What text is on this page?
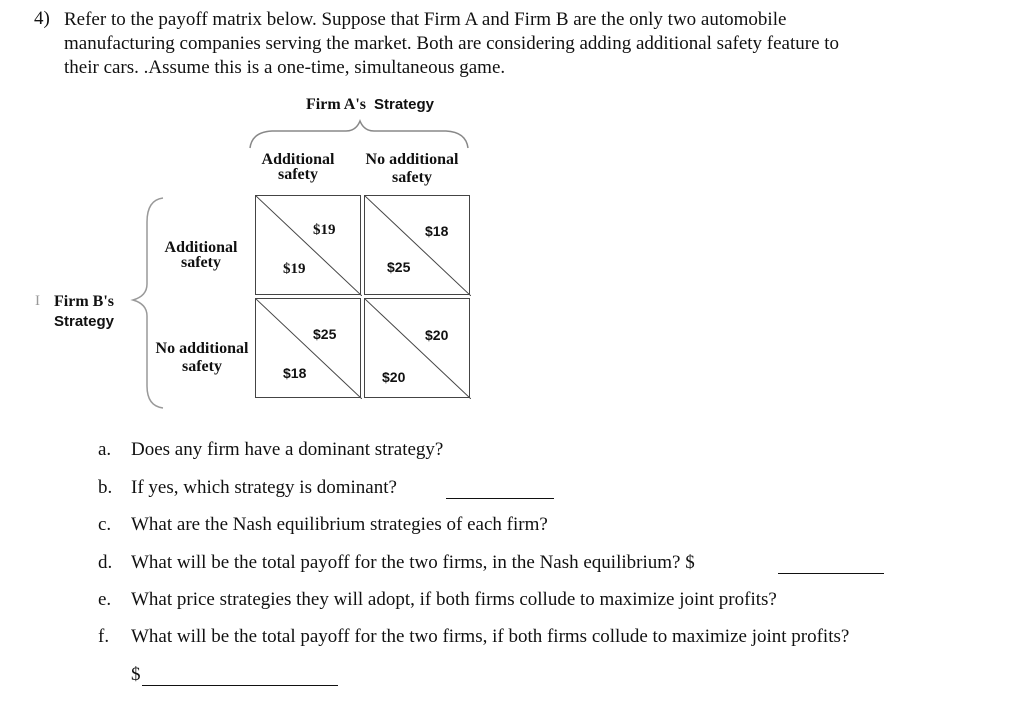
4) Refer to the payoff matrix below. Suppose that Firm A and Firm B are the only two automobile
manufacturing companies serving the market. Both are considering adding additional safety feature to
their cars. .Assume this is a one-time, simultaneous game.
Firm A's Strategy
Additional
safety
No additional
safety
Additional
safety
No additional
safety
I Firm B's
Strategy
$19
$19
$18
$25
$25
$18
$20
$20
a. Does any firm have a dominant strategy?
b. If yes, which strategy is dominant?
c. What are the Nash equilibrium strategies of each firm?
d. What will be the total payoff for the two firms, in the Nash equilibrium? $
e. What price strategies they will adopt, if both firms collude to maximize joint profits?
f. What will be the total payoff for the two firms, if both firms collude to maximize joint profits?
$
